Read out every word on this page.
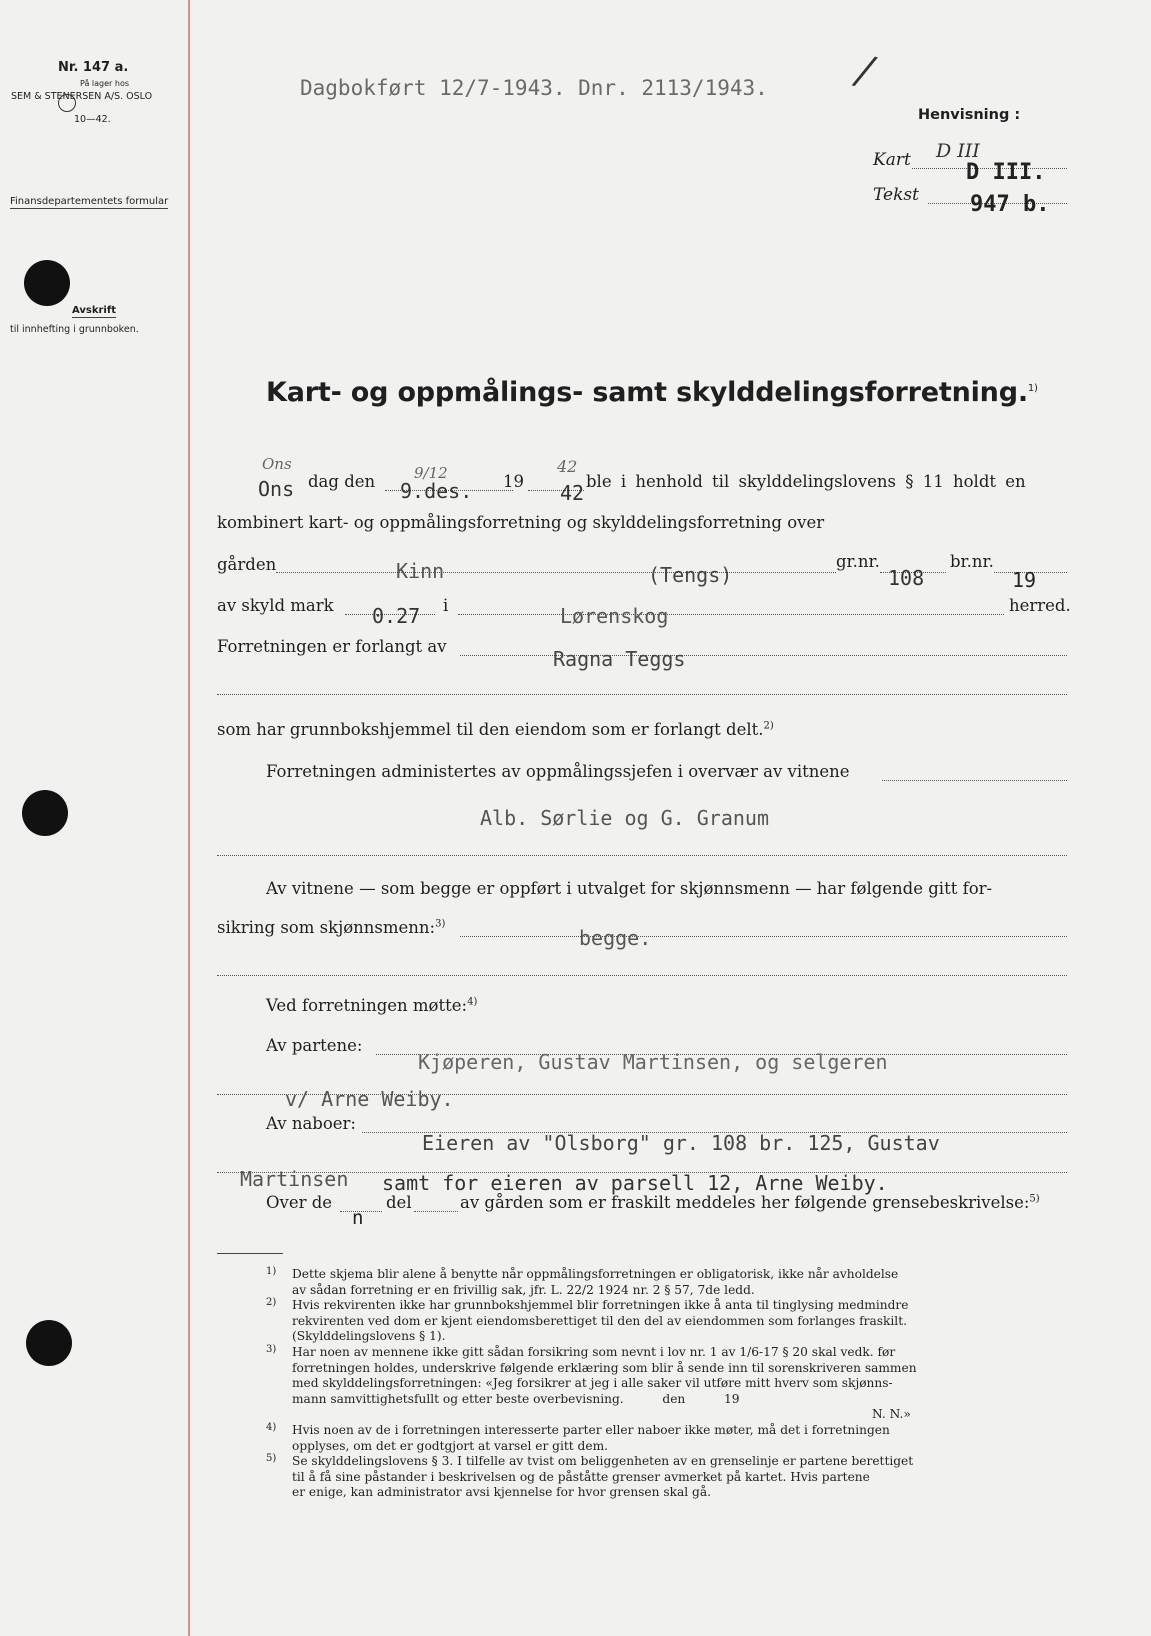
Nr. 147 a.
På lager hos
SEM & STENERSEN A/S. OSLO
10—42.
Finansdepartementets formular
Avskrift
til innhefting i grunnboken.
Dagbokført 12/7-1943. Dnr. 2113/1943. /
Henvisning :
Kart D III
D III.
Tekst 947 b.
Kart- og oppmålings- samt skylddelingsforretning.$^{1)}$
Ons
Ons dag den	9/12
9.des. 19
42
42 ble i henhold til skylddelingslovens § 11 holdt en
kombinert kart- og oppmålingsforretning og skylddelingsforretning over
gården	Kinn	(Tengs)
gr.nr.
108
br.nr.
19
av skyld mark 0.27 i	Lørenskog	herred.
Forretningen er forlangt av
Ragna Teggs
som har grunnbokshjemmel til den eiendom som er forlangt delt.$^{2)}$
Forretningen administertes av oppmålingssjefen i overvær av vitnene
Alb. Sørlie og G. Granum
Av vitnene — som begge er oppført i utvalget for skjønnsmenn — har følgende gitt for-
sikring som skjønnsmenn:$^{3)}$
begge.
Ved forretningen møtte:$^{4)}$
Av partene:
Kjøperen, Gustav Martinsen, og selgeren
v/ Arne Weiby.
Av naboer:
Eieren av "Olsborg" gr. 108 br. 125, Gustav
Martinsen samt for eieren av parsell 12, Arne Weiby.
Over de
n
del	av gården som er fraskilt meddeles her følgende grensebeskrivelse:$^{5)}$
1) Dette skjema blir alene å benytte når oppmålingsforretningen er obligatorisk, ikke når avholdelse
av sådan forretning er en frivillig sak, jfr. L. 22/2 1924 nr. 2 § 57, 7de ledd.
2) Hvis rekvirenten ikke har grunnbokshjemmel blir forretningen ikke å anta til tinglysing medmindre
rekvirenten ved dom er kjent eiendomsberettiget til den del av eiendommen som forlanges fraskilt.
(Skylddelingslovens § 1).
3) Har noen av mennene ikke gitt sådan forsikring som nevnt i lov nr. 1 av 1/6-17 § 20 skal vedk. før
forretningen holdes, underskrive følgende erklæring som blir å sende inn til sorenskriveren sammen
med skylddelingsforretningen: «Jeg forsikrer at jeg i alle saker vil utføre mitt hverv som skjønns-
mann samvittighetsfullt og etter beste overbevisning.          den          19
N. N.»
4) Hvis noen av de i forretningen interesserte parter eller naboer ikke møter, må det i forretningen
opplyses, om det er godtgjort at varsel er gitt dem.
5) Se skylddelingslovens § 3. I tilfelle av tvist om beliggenheten av en grenselinje er partene berettiget
til å få sine påstander i beskrivelsen og de påståtte grenser avmerket på kartet. Hvis partene
er enige, kan administrator avsi kjennelse for hvor grensen skal gå.
